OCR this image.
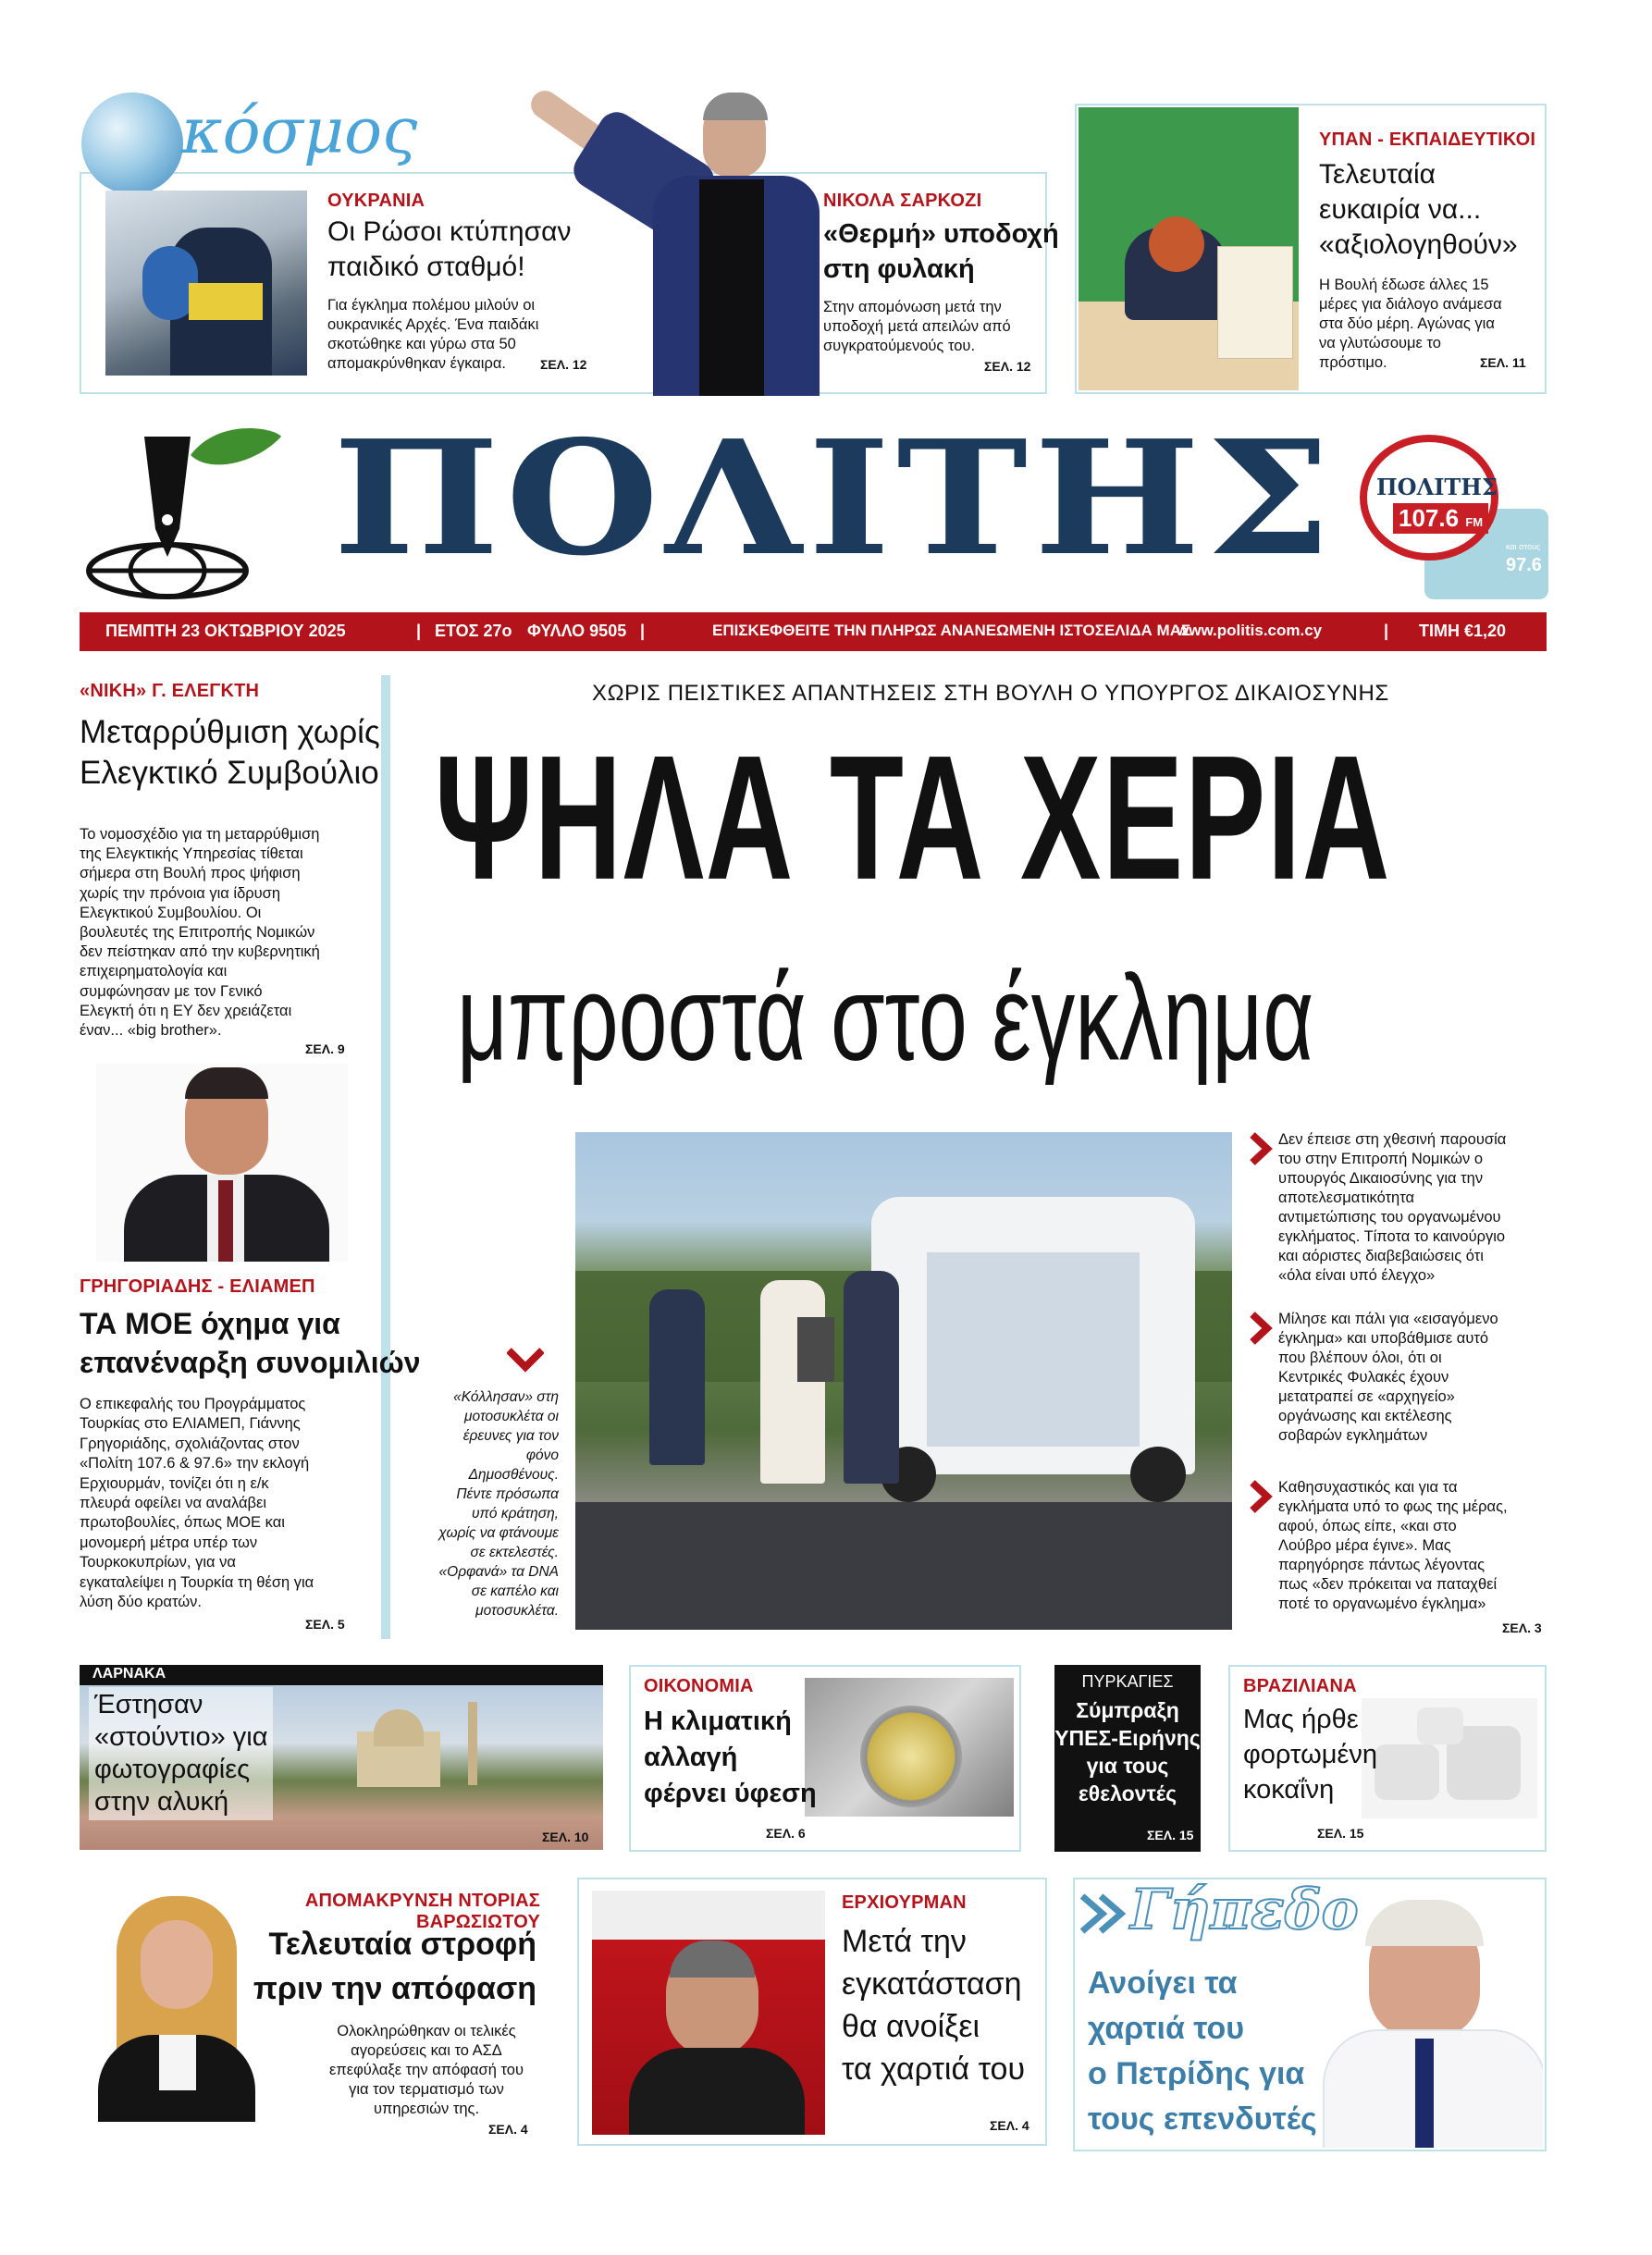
κόσμος
ΟΥΚΡΑΝΙΑ
Οι Ρώσοι κτύπησαν
παιδικό σταθμό!
Για έγκλημα πολέμου μιλούν οι
ουκρανικές Αρχές. Ένα παιδάκι
σκοτώθηκε και γύρω στα 50
απομακρύνθηκαν έγκαιρα.	ΣΕΛ. 12
ΝΙΚΟΛΑ ΣΑΡΚΟΖΙ
«Θερμή» υποδοχή
στη φυλακή
Στην απομόνωση μετά την
υποδοχή μετά απειλών από
συγκρατούμενούς του.
ΣΕΛ. 12
ΥΠΑΝ - ΕΚΠΑΙΔΕΥΤΙΚΟΙ
Τελευταία
ευκαιρία να...
«αξιολογηθούν»
Η Βουλή έδωσε άλλες 15
μέρες για διάλογο ανάμεσα
στα δύο μέρη. Αγώνας για
να γλυτώσουμε το
πρόστιμο.	ΣΕΛ. 11
ΠΟΛΙΤΗΣ ΠΟΛΙΤΗΣ
107.6 FM
και στους
97.6
ΠΕΜΠΤΗ 23 ΟΚΤΩΒΡΙΟΥ 2025	| ΕΤΟΣ 27ο ΦΥΛΛΟ 9505 |	ΕΠΙΣΚΕΦΘΕΙΤΕ ΤΗΝ ΠΛΗΡΩΣ ΑΝΑΝΕΩΜΕΝΗ ΙΣΤΟΣΕΛΙΔΑ ΜΑΣ
www.politis.com.cy	| ΤΙΜΗ €1,20
«ΝΙΚΗ» Γ. ΕΛΕΓΚΤΗ
Μεταρρύθμιση χωρίς
Ελεγκτικό Συμβούλιο
Το νομοσχέδιο για τη μεταρρύθμιση
της Ελεγκτικής Υπηρεσίας τίθεται
σήμερα στη Βουλή προς ψήφιση
χωρίς την πρόνοια για ίδρυση
Ελεγκτικού Συμβουλίου. Οι
βουλευτές της Επιτροπής Νομικών
δεν πείστηκαν από την κυβερνητική
επιχειρηματολογία και
συμφώνησαν με τον Γενικό
Ελεγκτή ότι η ΕΥ δεν χρειάζεται
έναν... «big brother».
ΣΕΛ. 9
ΓΡΗΓΟΡΙΑΔΗΣ - ΕΛΙΑΜΕΠ
ΤΑ ΜΟΕ όχημα για
επανέναρξη συνομιλιών
Ο επικεφαλής του Προγράμματος
Τουρκίας στο ΕΛΙΑΜΕΠ, Γιάννης
Γρηγοριάδης, σχολιάζοντας στον
«Πολίτη 107.6 & 97.6» την εκλογή
Ερχιουρμάν, τονίζει ότι η ε/κ
πλευρά οφείλει να αναλάβει
πρωτοβουλίες, όπως ΜΟΕ και
μονομερή μέτρα υπέρ των
Τουρκοκυπρίων, για να
εγκαταλείψει η Τουρκία τη θέση για
λύση δύο κρατών.
ΣΕΛ. 5
ΧΩΡΙΣ ΠΕΙΣΤΙΚΕΣ ΑΠΑΝΤΗΣΕΙΣ ΣΤΗ ΒΟΥΛΗ Ο ΥΠΟΥΡΓΟΣ ΔΙΚΑΙΟΣΥΝΗΣ
ΨΗΛΑ ΤΑ ΧΕΡΙΑ
μπροστά στο έγκλημα
«Κόλλησαν» στη
μοτοσυκλέτα οι
έρευνες για τον
φόνο
Δημοσθένους.
Πέντε πρόσωπα
υπό κράτηση,
χωρίς να φτάνουμε
σε εκτελεστές.
«Ορφανά» τα DNA
σε καπέλο και
μοτοσυκλέτα.
Δεν έπεισε στη χθεσινή παρουσία
του στην Επιτροπή Νομικών ο
υπουργός Δικαιοσύνης για την
αποτελεσματικότητα
αντιμετώπισης του οργανωμένου
εγκλήματος. Τίποτα το καινούργιο
και αόριστες διαβεβαιώσεις ότι
«όλα είναι υπό έλεγχο»
Μίλησε και πάλι για «εισαγόμενο
έγκλημα» και υποβάθμισε αυτό
που βλέπουν όλοι, ότι οι
Κεντρικές Φυλακές έχουν
μετατραπεί σε «αρχηγείο»
οργάνωσης και εκτέλεσης
σοβαρών εγκλημάτων
Καθησυχαστικός και για τα
εγκλήματα υπό το φως της μέρας,
αφού, όπως είπε, «και στο
Λούβρο μέρα έγινε». Μας
παρηγόρησε πάντως λέγοντας
πως «δεν πρόκειται να παταχθεί
ποτέ το οργανωμένο έγκλημα»
ΣΕΛ. 3
ΛΑΡΝΑΚΑ
Έστησαν
«στούντιο» για
φωτογραφίες
στην αλυκή
ΣΕΛ. 10
ΟΙΚΟΝΟΜΙΑ
Η κλιματική
αλλαγή
φέρνει ύφεση
ΣΕΛ. 6
ΠΥΡΚΑΓΙΕΣ
Σύμπραξη
ΥΠΕΣ-Ειρήνης
για τους
εθελοντές
ΣΕΛ. 15
ΒΡΑΖΙΛΙΑΝΑ
Μας ήρθε
φορτωμένη
κοκαΐνη
ΣΕΛ. 15
ΑΠΟΜΑΚΡΥΝΣΗ ΝΤΟΡΙΑΣ ΒΑΡΩΣΙΩΤΟΥ
Τελευταία στροφή
πριν την απόφαση
Ολοκληρώθηκαν οι τελικές
αγορεύσεις και το ΑΣΔ
επεφύλαξε την απόφασή του
για τον τερματισμό των
υπηρεσιών της.
ΣΕΛ. 4
ΕΡΧΙΟΥΡΜΑΝ
Μετά την
εγκατάσταση
θα ανοίξει
τα χαρτιά του
ΣΕΛ. 4
Γήπεδο
Ανοίγει τα
χαρτιά του
ο Πετρίδης για
τους επενδυτές
